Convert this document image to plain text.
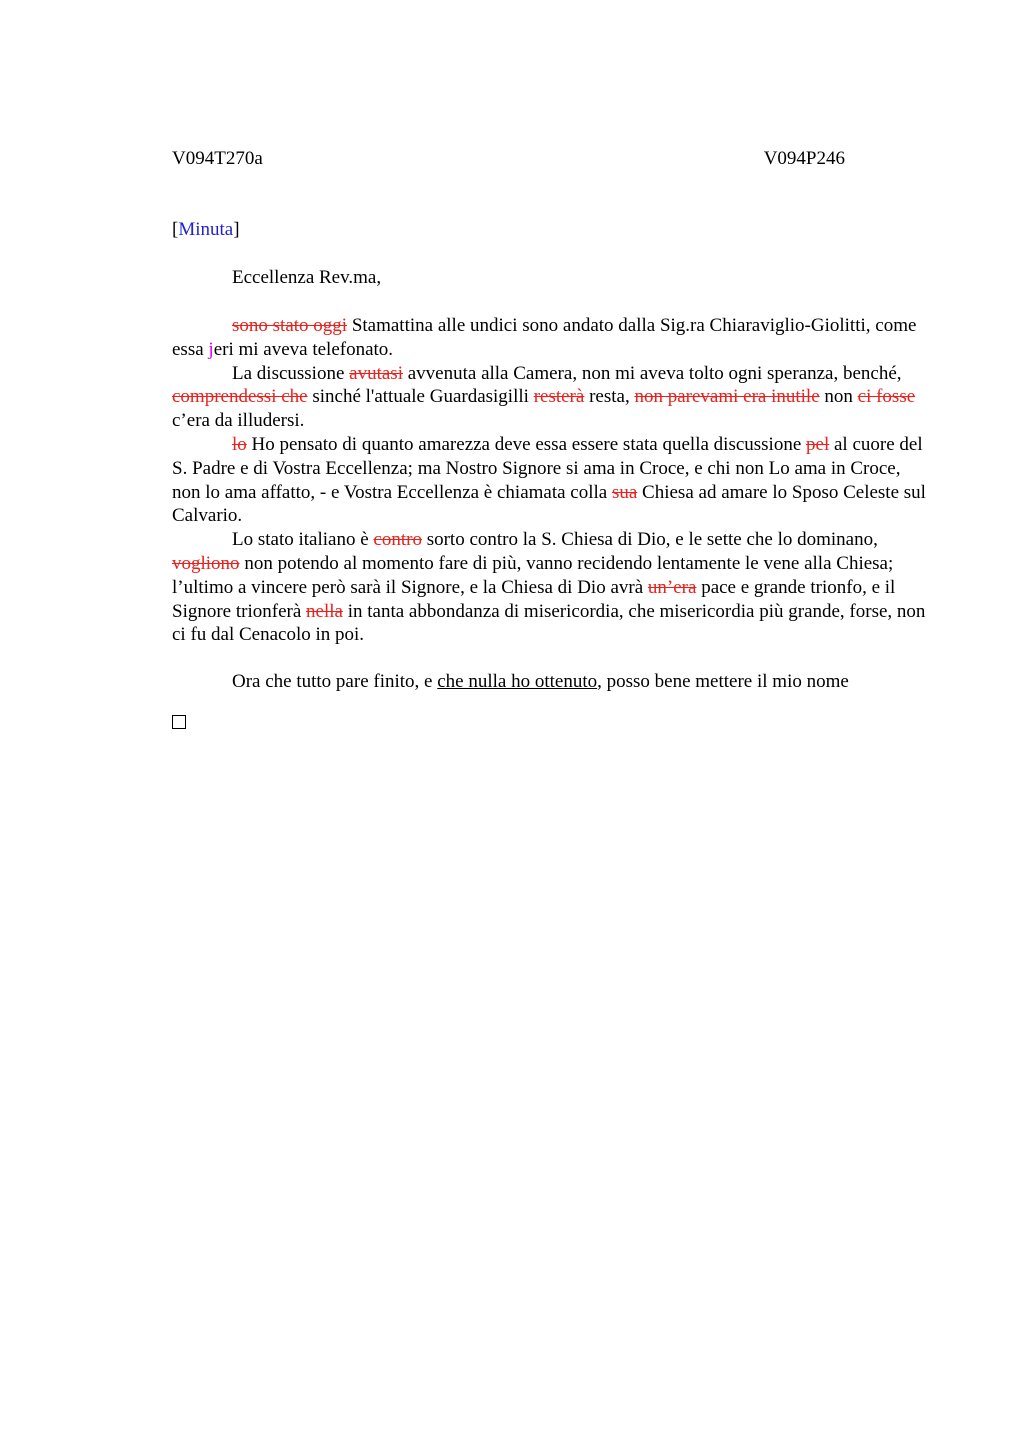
V094T270a	V094P246
[Minuta]
Eccellenza Rev.ma,

sono stato oggi Stamattina alle undici sono andato dalla Sig.ra Chiaraviglio-Giolitti, come essa jeri mi aveva telefonato.

La discussione avutasi avvenuta alla Camera, non mi aveva tolto ogni speranza, benché, comprendessi che sinché l'attuale Guardasigilli resterà resta, non parevami era inutile non ci fosse c’era da illudersi.

lo Ho pensato di quanto amarezza deve essa essere stata quella discussione pel al cuore del S. Padre e di Vostra Eccellenza; ma Nostro Signore si ama in Croce, e chi non Lo ama in Croce, non lo ama affatto, - e Vostra Eccellenza è chiamata colla sua Chiesa ad amare lo Sposo Celeste sul Calvario.

Lo stato italiano è contro sorto contro la S. Chiesa di Dio, e le sette che lo dominano, vogliono non potendo al momento fare di più, vanno recidendo lentamente le vene alla Chiesa; l’ultimo a vincere però sarà il Signore, e la Chiesa di Dio avrà un’era pace e grande trionfo, e il Signore trionferà nella in tanta abbondanza di misericordia, che misericordia più grande, forse, non ci fu dal Cenacolo in poi.

Ora che tutto pare finito, e che nulla ho ottenuto, posso bene mettere il mio nome
